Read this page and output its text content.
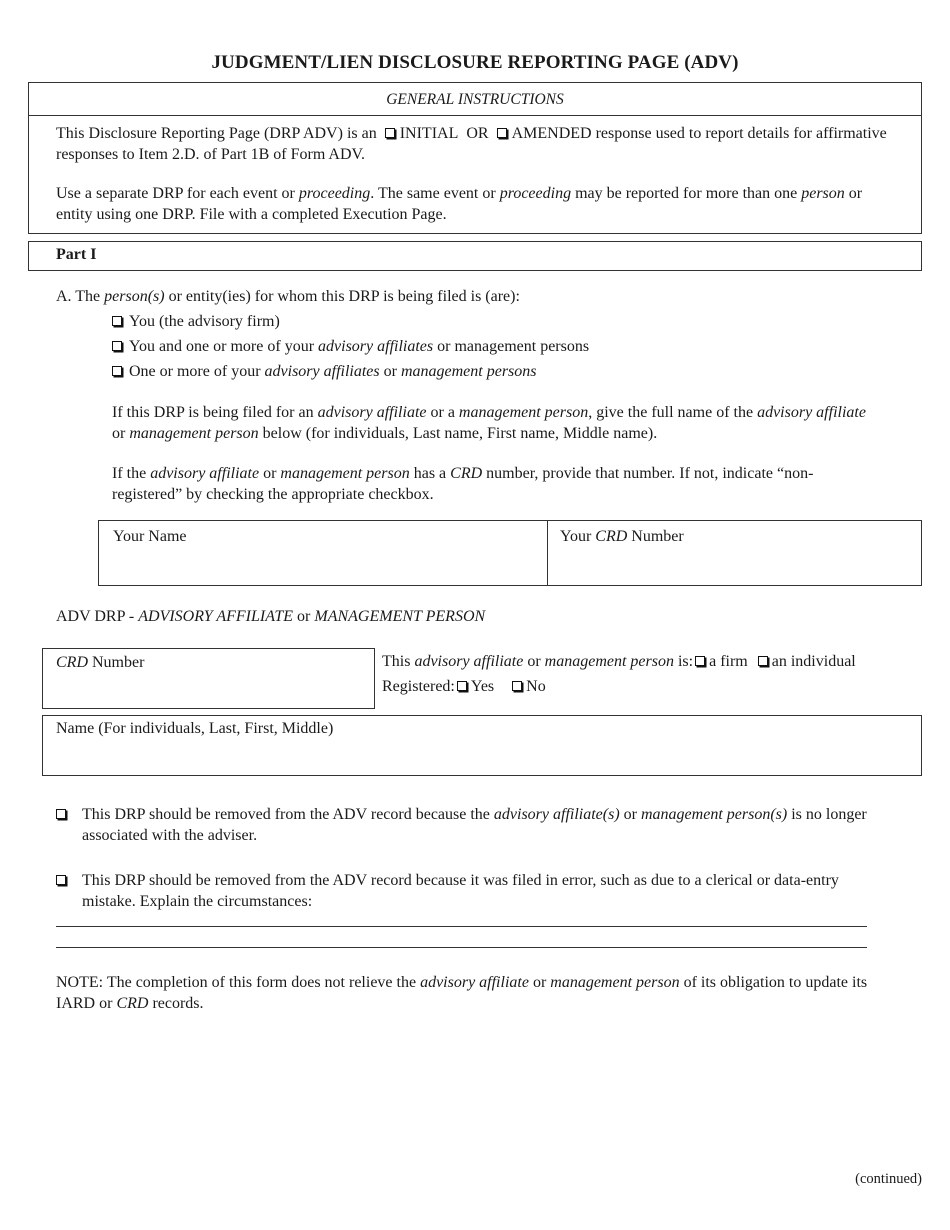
JUDGMENT/LIEN DISCLOSURE REPORTING PAGE (ADV)
GENERAL INSTRUCTIONS
This Disclosure Reporting Page (DRP ADV) is an INITIAL OR AMENDED response used to report details for affirmative responses to Item 2.D. of Part 1B of Form ADV.
Use a separate DRP for each event or proceeding. The same event or proceeding may be reported for more than one person or entity using one DRP. File with a completed Execution Page.
Part I
A. The person(s) or entity(ies) for whom this DRP is being filed is (are):
You (the advisory firm)
You and one or more of your advisory affiliates or management persons
One or more of your advisory affiliates or management persons
If this DRP is being filed for an advisory affiliate or a management person, give the full name of the advisory affiliate or management person below (for individuals, Last name, First name, Middle name).
If the advisory affiliate or management person has a CRD number, provide that number. If not, indicate “non-registered” by checking the appropriate checkbox.
Your Name	Your CRD Number
ADV DRP - ADVISORY AFFILIATE or MANAGEMENT PERSON
CRD Number	This advisory affiliate or management person is: a firm an individual
Registered: Yes No
Name (For individuals, Last, First, Middle)
This DRP should be removed from the ADV record because the advisory affiliate(s) or management person(s) is no longer associated with the adviser.
This DRP should be removed from the ADV record because it was filed in error, such as due to a clerical or data-entry mistake. Explain the circumstances:
NOTE: The completion of this form does not relieve the advisory affiliate or management person of its obligation to update its IARD or CRD records.
(continued)
